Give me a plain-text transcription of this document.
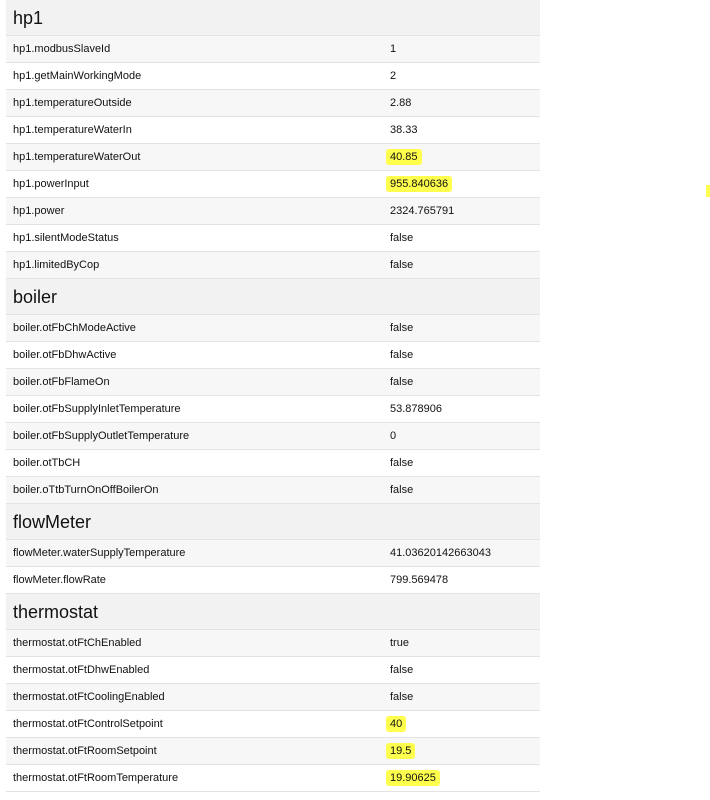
hp1
hp1.modbusSlaveId	1
hp1.getMainWorkingMode	2
hp1.temperatureOutside	2.88
hp1.temperatureWaterIn	38.33
hp1.temperatureWaterOut	40.85
hp1.powerInput	955.840636
hp1.power	2324.765791
hp1.silentModeStatus	false
hp1.limitedByCop	false
boiler
boiler.otFbChModeActive	false
boiler.otFbDhwActive	false
boiler.otFbFlameOn	false
boiler.otFbSupplyInletTemperature	53.878906
boiler.otFbSupplyOutletTemperature	0
boiler.otTbCH	false
boiler.oTtbTurnOnOffBoilerOn	false
flowMeter
flowMeter.waterSupplyTemperature	41.03620142663043
flowMeter.flowRate	799.569478
thermostat
thermostat.otFtChEnabled	true
thermostat.otFtDhwEnabled	false
thermostat.otFtCoolingEnabled	false
thermostat.otFtControlSetpoint	40
thermostat.otFtRoomSetpoint	19.5
thermostat.otFtRoomTemperature	19.90625
